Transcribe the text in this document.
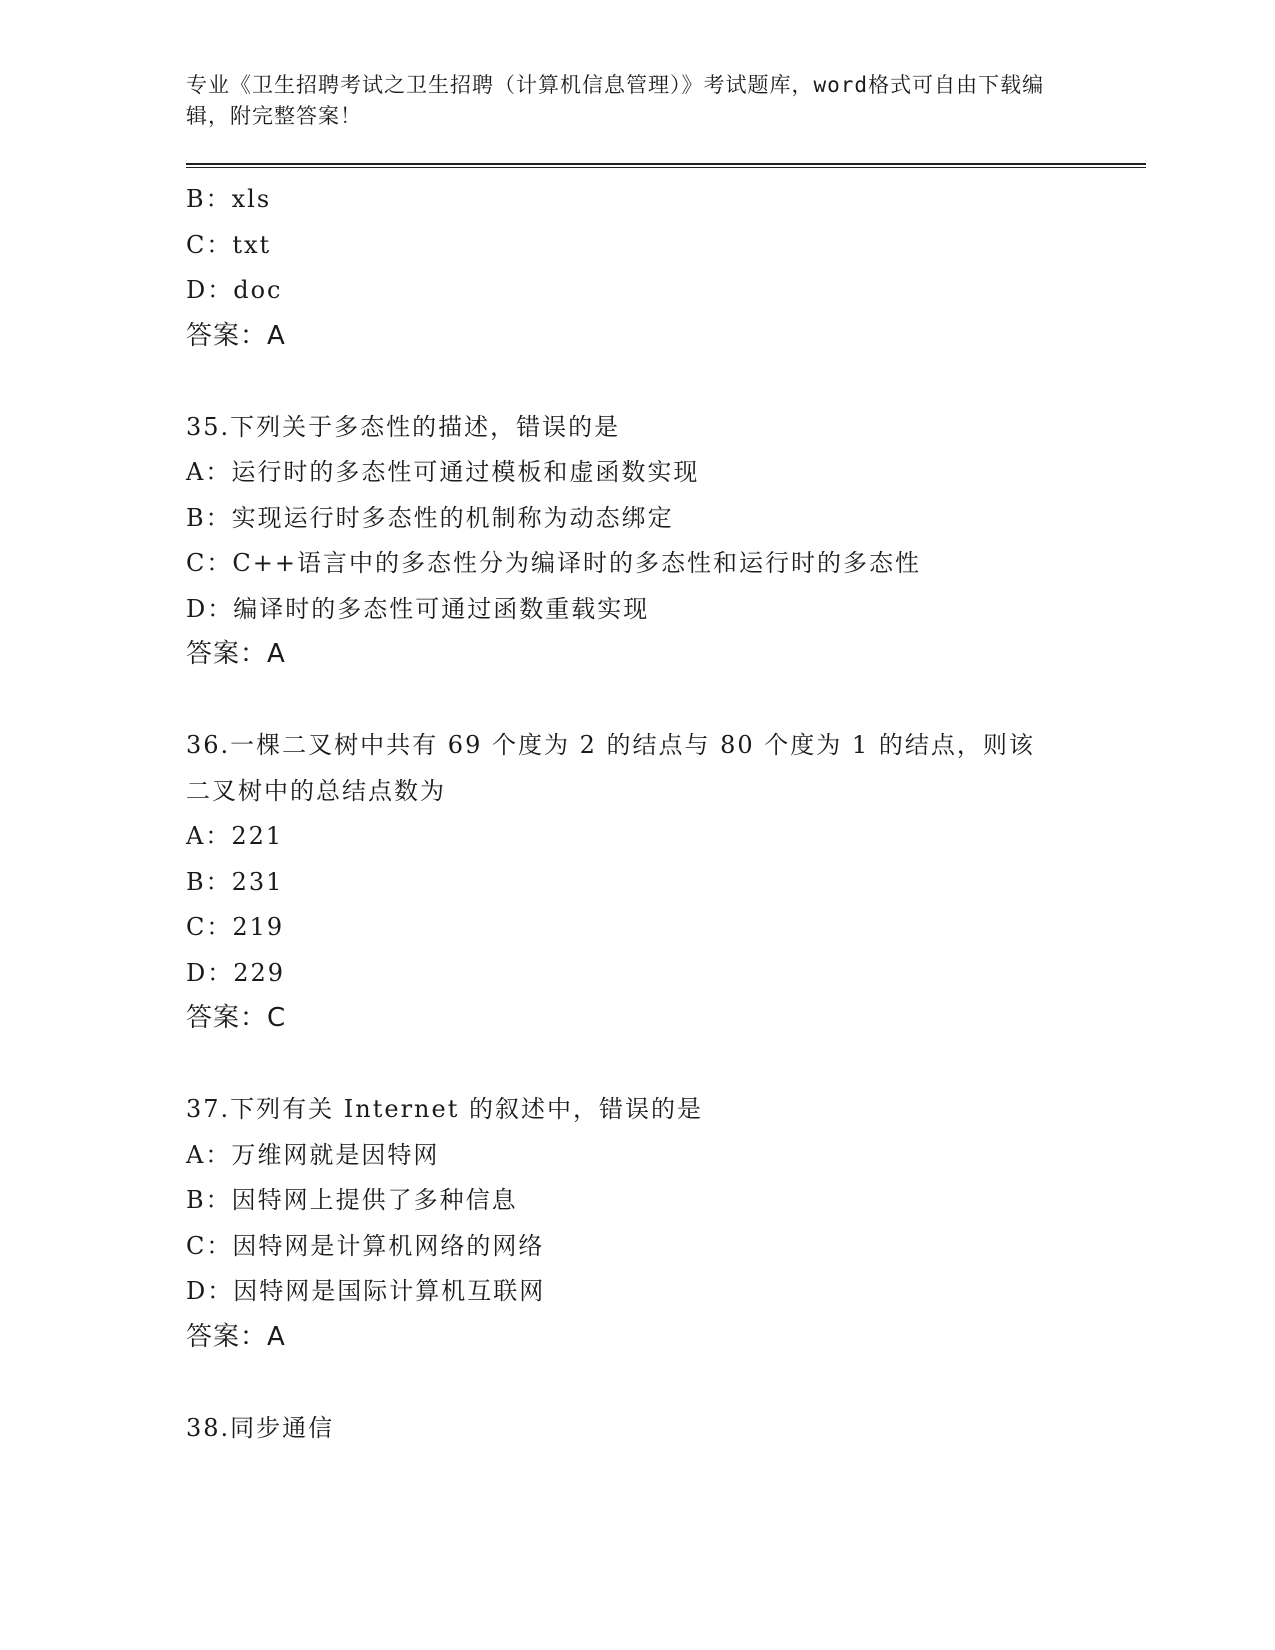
专业《卫生招聘考试之卫生招聘（计算机信息管理）》考试题库，word格式可自由下载编辑，附完整答案！
B：xls
C：txt
D：doc
答案：A
35.下列关于多态性的描述，错误的是
A：运行时的多态性可通过模板和虚函数实现
B：实现运行时多态性的机制称为动态绑定
C：C++语言中的多态性分为编译时的多态性和运行时的多态性
D：编译时的多态性可通过函数重载实现
答案：A
36.一棵二叉树中共有 69 个度为 2 的结点与 80 个度为 1 的结点，则该
二叉树中的总结点数为
A：221
B：231
C：219
D：229
答案：C
37.下列有关 Internet 的叙述中，错误的是
A：万维网就是因特网
B：因特网上提供了多种信息
C：因特网是计算机网络的网络
D：因特网是国际计算机互联网
答案：A
38.同步通信
